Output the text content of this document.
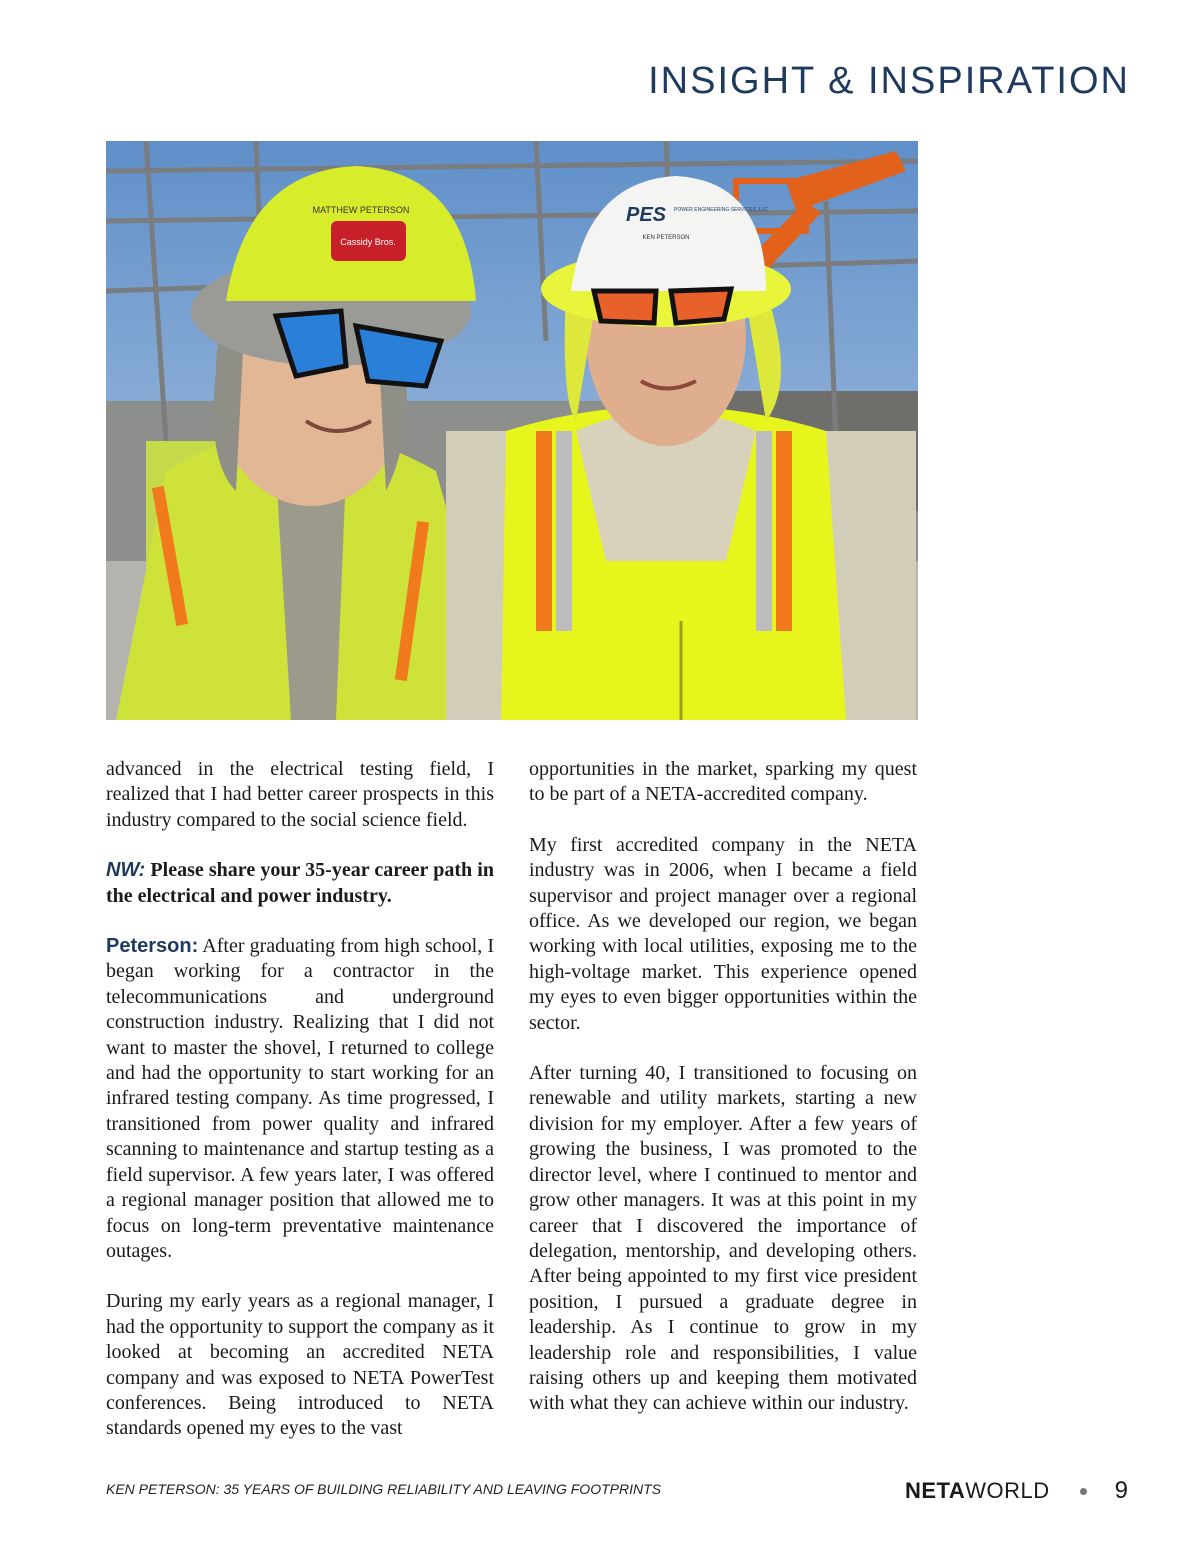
INSIGHT & INSPIRATION
Cassidy Bros.
MATTHEW PETERSON	PES POWER ENGINEERING SERVICES, LLC
KEN PETERSON

advanced in the electrical testing field, I realized that I had better career prospects in this industry compared to the social science field.

NW: Please share your 35-year career path in the electrical and power industry.

Peterson: After graduating from high school, I began working for a contractor in the telecommunications and underground construction industry. Realizing that I did not want to master the shovel, I returned to college and had the opportunity to start working for an infrared testing company. As time progressed, I transitioned from power quality and infrared scanning to maintenance and startup testing as a field supervisor. A few years later, I was offered a regional manager position that allowed me to focus on long-term preventative maintenance outages.

During my early years as a regional manager, I had the opportunity to support the company as it looked at becoming an accredited NETA company and was exposed to NETA PowerTest conferences. Being introduced to NETA standards opened my eyes to the vast

opportunities in the market, sparking my quest to be part of a NETA-accredited company.

My first accredited company in the NETA industry was in 2006, when I became a field supervisor and project manager over a regional office. As we developed our region, we began working with local utilities, exposing me to the high-voltage market. This experience opened my eyes to even bigger opportunities within the sector.

After turning 40, I transitioned to focusing on renewable and utility markets, starting a new division for my employer. After a few years of growing the business, I was promoted to the director level, where I continued to mentor and grow other managers. It was at this point in my career that I discovered the importance of delegation, mentorship, and developing others. After being appointed to my first vice president position, I pursued a graduate degree in leadership. As I continue to grow in my leadership role and responsibilities, I value raising others up and keeping them motivated with what they can achieve within our industry.

KEN PETERSON: 35 YEARS OF BUILDING RELIABILITY AND LEAVING FOOTPRINTS	NETA WORLD	9
